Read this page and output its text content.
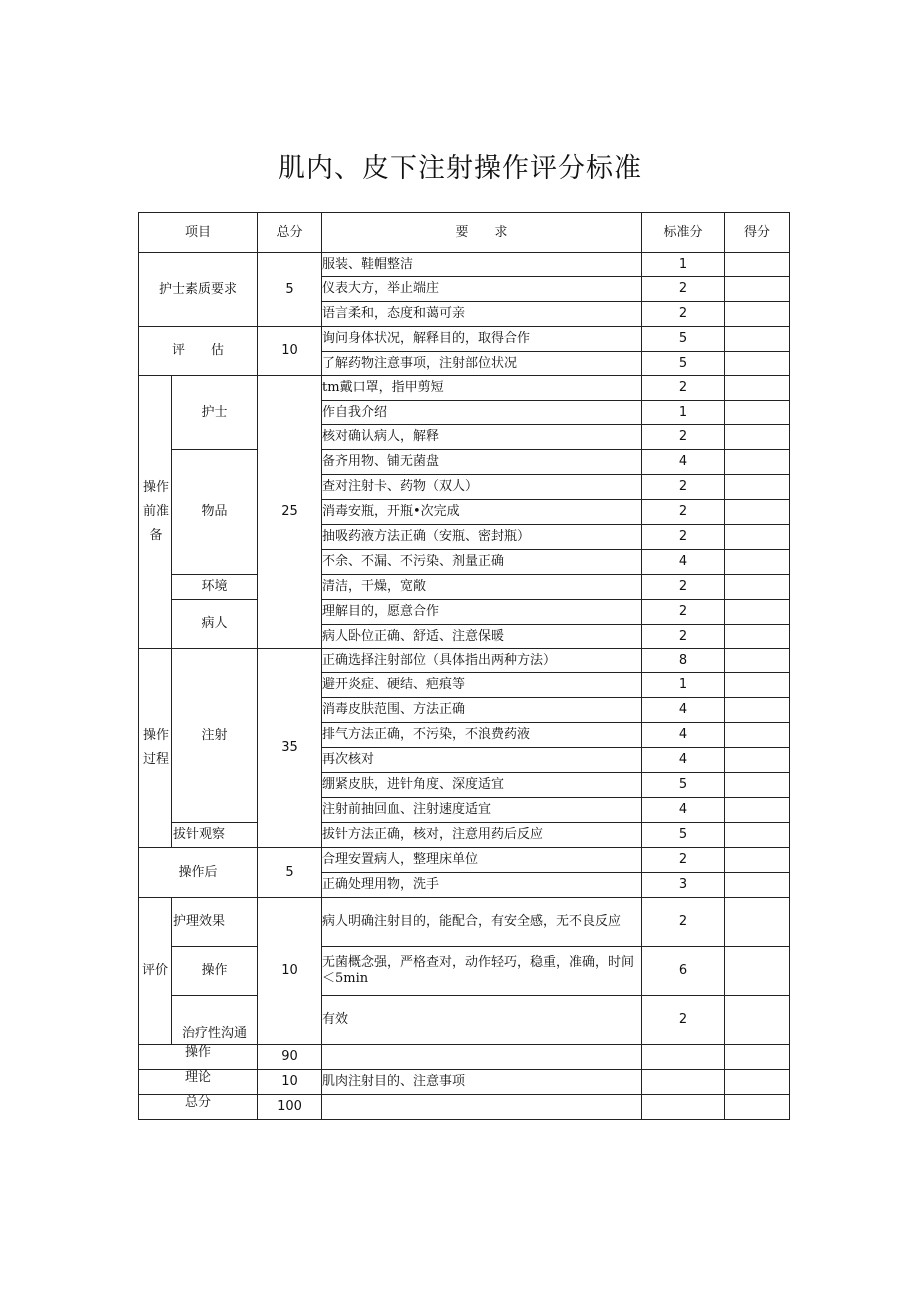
肌内、皮下注射操作评分标准
项目		总分	要　　求	标准分	得分
护士素质要求		5	服装、鞋帽整洁	1	
			仪表大方，举止端庄	2	
			语言柔和，态度和蔼可亲	2	
评　　估		10	询问身体状况，解释目的，取得合作	5	
			了解药物注意事项，注射部位状况	5	

操作前准备	护士	25	tm戴口罩，指甲剪短	2	
			作自我介绍	1	
			核对确认病人，解释	2	
	物品		备齐用物、铺无菌盘	4	
			查对注射卡、药物（双人）	2	
			消毒安瓶，开瓶•次完成	2	
			抽吸药液方法正确（安瓶、密封瓶）	2	
			不余、不漏、不污染、剂量正确	4	
	环境		清洁，干燥，宽敞	2	
	病人		理解目的，愿意合作	2	
			病人卧位正确、舒适、注意保暖	2	

操作过程	注射	35	正确选择注射部位（具体指出两种方法）	8	
			避开炎症、硬结、疤痕等	1	
			消毒皮肤范围、方法正确	4	
			排气方法正确，不污染，不浪费药液	4	
			再次核对	4	
			绷紧皮肤，进针角度、深度适宜	5	
			注射前抽回血、注射速度适宜	4	
	拔针观察		拔针方法正确，核对，注意用药后反应	5	
操作后		5	合理安置病人，整理床单位	2	
			正确处理用物，洗手	3	
评价	护理效果	10	病人明确注射目的，能配合，有安全感，无不良反应	2	
	操作		无菌概念强，严格查对，动作轻巧，稳重，准确，时间＜5min	6	
	治疗性沟通		有效	2	
操作		90			
理论		10	肌肉注射目的、注意事项		
总分		100			
